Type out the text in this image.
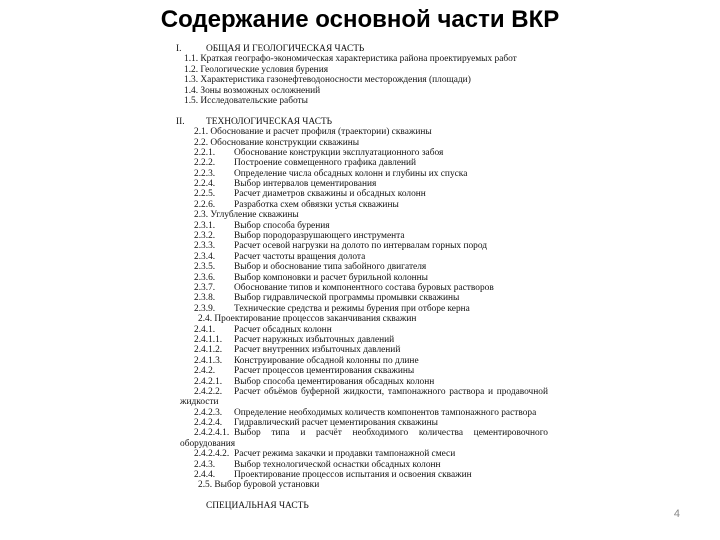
Содержание основной части ВКР
I.	ОБЩАЯ И ГЕОЛОГИЧЕСКАЯ ЧАСТЬ
1.1. Краткая географо-экономическая характеристика района проектируемых работ
1.2. Геологические условия бурения
1.3. Характеристика газонефтеводоносности месторождения (площади)
1.4. Зоны возможных осложнений
1.5. Исследовательские работы
II. ТЕХНОЛОГИЧЕСКАЯ ЧАСТЬ
2.1. Обоснование и расчет профиля (траектории) скважины
2.2. Обоснование конструкции скважины
2.2.1. Обоснование конструкции эксплуатационного забоя
2.2.2. Построение совмещенного графика давлений
2.2.3. Определение числа обсадных колонн и глубины их спуска
2.2.4. Выбор интервалов цементирования
2.2.5. Расчет диаметров скважины и обсадных колонн
2.2.6. Разработка схем обвязки устья скважины
2.3. Углубление скважины
2.3.1. Выбор способа бурения
2.3.2. Выбор породоразрушающего инструмента
2.3.3. Расчет осевой нагрузки на долото по интервалам горных пород
2.3.4. Расчет частоты вращения долота
2.3.5. Выбор и обоснование типа забойного двигателя
2.3.6. Выбор компоновки и расчет бурильной колонны
2.3.7. Обоснование типов и компонентного состава буровых растворов
2.3.8. Выбор гидравлической программы промывки скважины
2.3.9. Технические средства и режимы бурения при отборе керна
2.4. Проектирование процессов заканчивания скважин
2.4.1. Расчет обсадных колонн
2.4.1.1. Расчет наружных избыточных давлений
2.4.1.2. Расчет внутренних избыточных давлений
2.4.1.3. Конструирование обсадной колонны по длине
2.4.2. Расчет процессов цементирования скважины
2.4.2.1. Выбор способа цементирования обсадных колонн
2.4.2.2. Расчет объёмов буферной жидкости, тампонажного раствора и продавочной
жидкости
2.4.2.3. Определение необходимых количеств компонентов тампонажного раствора
2.4.2.4. Гидравлический расчет цементирования скважины
2.4.2.4.1. Выбор типа и расчёт необходимого количества цементировочного
оборудования
2.4.2.4.2. Расчет режима закачки и продавки тампонажной смеси
2.4.3. Выбор технологической оснастки обсадных колонн
2.4.4. Проектирование процессов испытания и освоения скважин
2.5. Выбор буровой установки
СПЕЦИАЛЬНАЯ ЧАСТЬ
4
